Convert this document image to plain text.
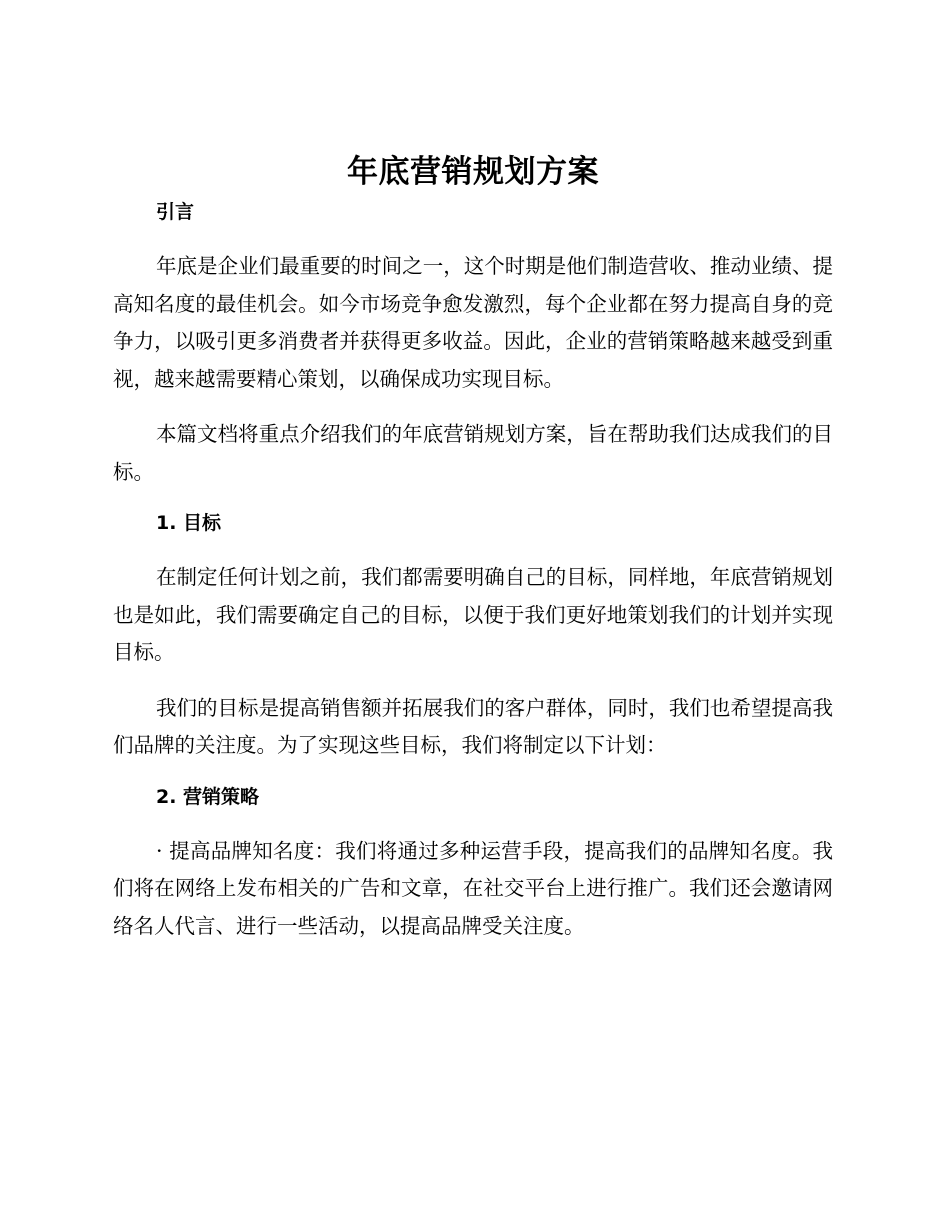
年底营销规划方案
引言

年底是企业们最重要的时间之一，这个时期是他们制造营收、推动业绩、提高知名度的最佳机会。如今市场竞争愈发激烈，每个企业都在努力提高自身的竞争力，以吸引更多消费者并获得更多收益。因此，企业的营销策略越来越受到重视，越来越需要精心策划，以确保成功实现目标。

本篇文档将重点介绍我们的年底营销规划方案，旨在帮助我们达成我们的目标。

1. 目标

在制定任何计划之前，我们都需要明确自己的目标，同样地，年底营销规划也是如此，我们需要确定自己的目标，以便于我们更好地策划我们的计划并实现目标。

我们的目标是提高销售额并拓展我们的客户群体，同时，我们也希望提高我们品牌的关注度。为了实现这些目标，我们将制定以下计划：

2. 营销策略

· 提高品牌知名度：我们将通过多种运营手段，提高我们的品牌知名度。我们将在网络上发布相关的广告和文章，在社交平台上进行推广。我们还会邀请网络名人代言、进行一些活动，以提高品牌受关注度。
